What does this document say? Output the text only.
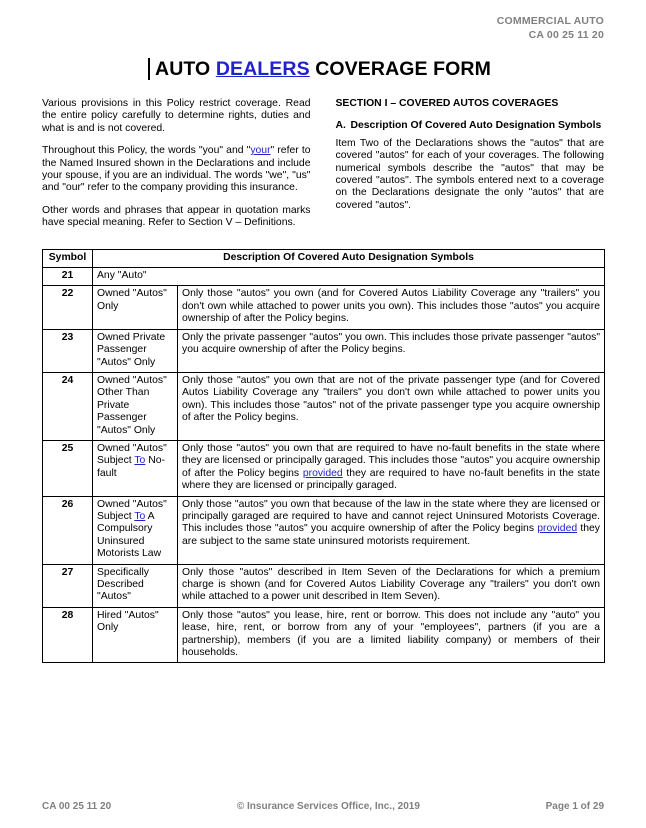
COMMERCIAL AUTO
CA 00 25 11 20
AUTO DEALERS COVERAGE FORM

Various provisions in this Policy restrict coverage. Read the entire policy carefully to determine rights, duties and what is and is not covered.

Throughout this Policy, the words "you" and "your" refer to the Named Insured shown in the Declarations and include your spouse, if you are an individual. The words "we", "us" and "our" refer to the company providing this insurance.

Other words and phrases that appear in quotation marks have special meaning. Refer to Section V – Definitions.

SECTION I – COVERED AUTOS COVERAGES

A. Description Of Covered Auto Designation Symbols

Item Two of the Declarations shows the "autos" that are covered "autos" for each of your coverages. The following numerical symbols describe the "autos" that may be covered "autos". The symbols entered next to a coverage on the Declarations designate the only "autos" that are covered "autos".

Symbol	Description Of Covered Auto Designation Symbols	
21	Any "Auto"	
22	Owned "Autos" Only	Only those "autos" you own (and for Covered Autos Liability Coverage any "trailers" you don't own while attached to power units you own). This includes those "autos" you acquire ownership of after the Policy begins.
23	Owned Private Passenger "Autos" Only	Only the private passenger "autos" you own. This includes those private passenger "autos" you acquire ownership of after the Policy begins.
24	Owned "Autos" Other Than Private Passenger "Autos" Only	Only those "autos" you own that are not of the private passenger type (and for Covered Autos Liability Coverage any "trailers" you don't own while attached to power units you own). This includes those "autos" not of the private passenger type you acquire ownership of after the Policy begins.
25	Owned "Autos" Subject To No-fault	Only those "autos" you own that are required to have no-fault benefits in the state where they are licensed or principally garaged. This includes those "autos" you acquire ownership of after the Policy begins provided they are required to have no-fault benefits in the state where they are licensed or principally garaged.
26	Owned "Autos" Subject To A Compulsory Uninsured Motorists Law	Only those "autos" you own that because of the law in the state where they are licensed or principally garaged are required to have and cannot reject Uninsured Motorists Coverage. This includes those "autos" you acquire ownership of after the Policy begins provided they are subject to the same state uninsured motorists requirement.
27	Specifically Described "Autos"	Only those "autos" described in Item Seven of the Declarations for which a premium charge is shown (and for Covered Autos Liability Coverage any "trailers" you don't own while attached to a power unit described in Item Seven).
28	Hired "Autos" Only	Only those "autos" you lease, hire, rent or borrow. This does not include any "auto" you lease, hire, rent, or borrow from any of your "employees", partners (if you are a partnership), members (if you are a limited liability company) or members of their households.
CA 00 25 11 20	© Insurance Services Office, Inc., 2019	Page 1 of 29
